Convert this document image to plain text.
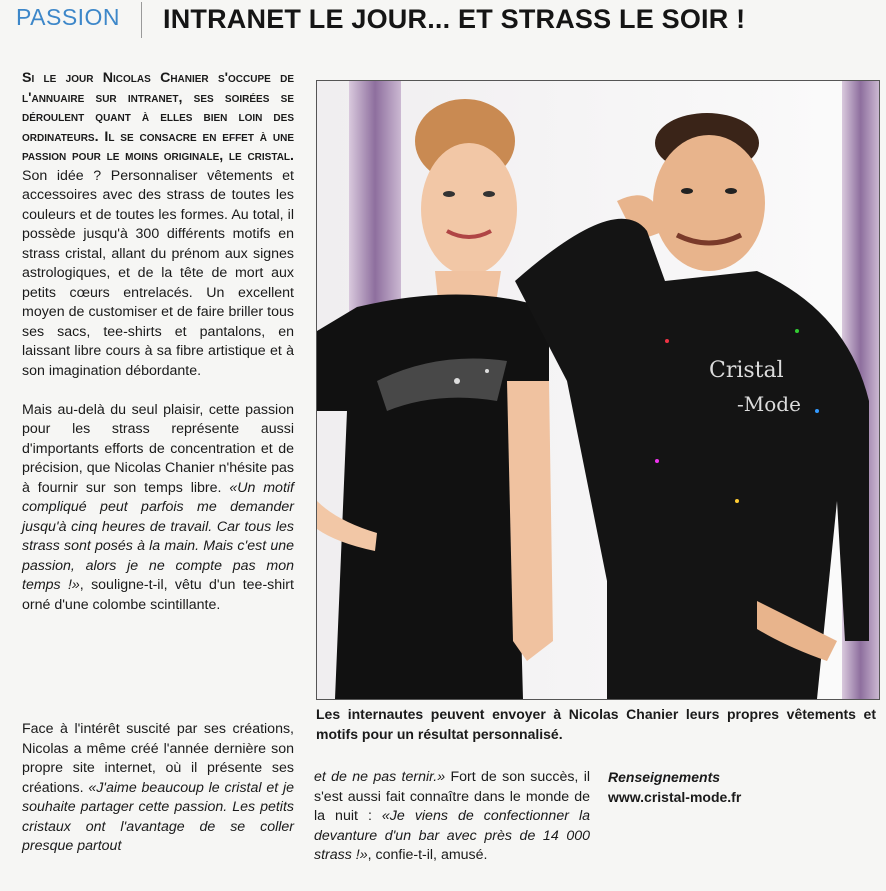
PASSION INTRANET LE JOUR... ET STRASS LE SOIR !

Si le jour Nicolas Chanier s'occupe de l'annuaire sur intranet, ses soirées se déroulent quant à elles bien loin des ordinateurs. Il se consacre en effet à une passion pour le moins originale, le cristal. Son idée ? Personnaliser vêtements et accessoires avec des strass de toutes les couleurs et de toutes les formes. Au total, il possède jusqu'à 300 différents motifs en strass cristal, allant du prénom aux signes astrologiques, et de la tête de mort aux petits cœurs entrelacés. Un excellent moyen de customiser et de faire briller tous ses sacs, tee-shirts et pantalons, en laissant libre cours à sa fibre artistique et à son imagination débordante.

Mais au-delà du seul plaisir, cette passion pour les strass représente aussi d'importants efforts de concentration et de précision, que Nicolas Chanier n'hésite pas à fournir sur son temps libre. «Un motif compliqué peut parfois me demander jusqu'à cinq heures de travail. Car tous les strass sont posés à la main. Mais c'est une passion, alors je ne compte pas mon temps !», souligne-t-il, vêtu d'un tee-shirt orné d'une colombe scintillante.

Face à l'intérêt suscité par ses créations, Nicolas a même créé l'année dernière son propre site internet, où il présente ses créations. «J'aime beaucoup le cristal et je souhaite partager cette passion. Les petits cristaux ont l'avantage de se coller presque partout

Cristal
-Mode
Les internautes peuvent envoyer à Nicolas Chanier leurs propres vêtements et motifs pour un résultat personnalisé.

et de ne pas ternir.» Fort de son succès, il s'est aussi fait connaître dans le monde de la nuit : «Je viens de confectionner la devanture d'un bar avec près de 14 000 strass !», confie-t-il, amusé.

Renseignements
www.cristal-mode.fr
